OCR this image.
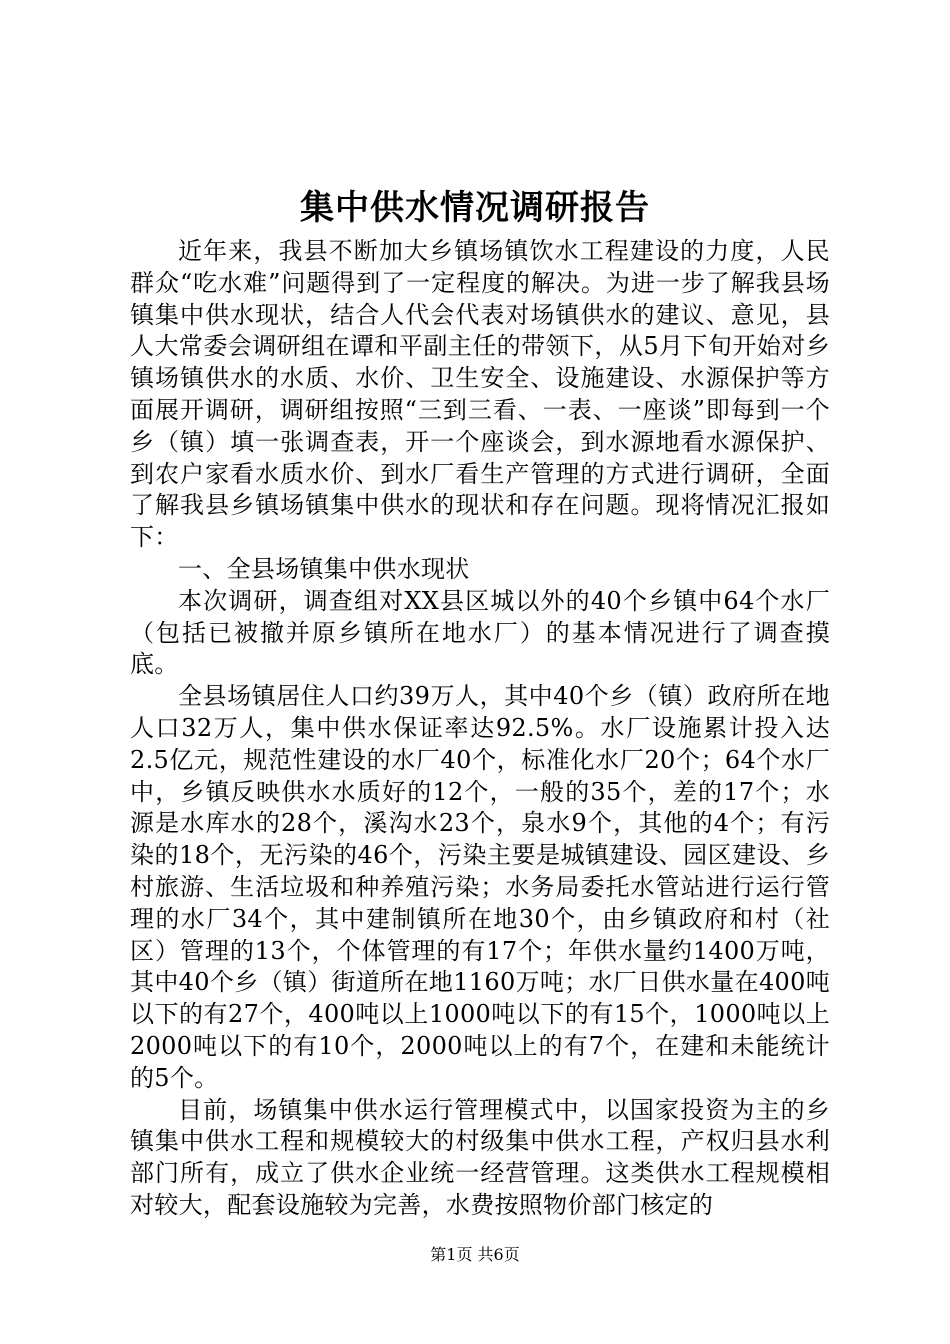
集中供水情况调研报告

近年来，我县不断加大乡镇场镇饮水工程建设的力度，人民群众“吃水难”问题得到了一定程度的解决。为进一步了解我县场镇集中供水现状，结合人代会代表对场镇供水的建议、意见，县人大常委会调研组在谭和平副主任的带领下，从5月下旬开始对乡镇场镇供水的水质、水价、卫生安全、设施建设、水源保护等方面展开调研，调研组按照“三到三看、一表、一座谈”即每到一个乡（镇）填一张调查表，开一个座谈会，到水源地看水源保护、到农户家看水质水价、到水厂看生产管理的方式进行调研，全面了解我县乡镇场镇集中供水的现状和存在问题。现将情况汇报如下：

一、全县场镇集中供水现状

本次调研，调查组对XX县区城以外的40个乡镇中64个水厂（包括已被撤并原乡镇所在地水厂）的基本情况进行了调查摸底。

全县场镇居住人口约39万人，其中40个乡（镇）政府所在地人口32万人，集中供水保证率达92.5%。水厂设施累计投入达2.5亿元，规范性建设的水厂40个，标准化水厂20个；64个水厂中，乡镇反映供水水质好的12个，一般的35个，差的17个；水源是水库水的28个，溪沟水23个，泉水9个，其他的4个；有污染的18个，无污染的46个，污染主要是城镇建设、园区建设、乡村旅游、生活垃圾和种养殖污染；水务局委托水管站进行运行管理的水厂34个，其中建制镇所在地30个，由乡镇政府和村（社区）管理的13个，个体管理的有17个；年供水量约1400万吨，其中40个乡（镇）街道所在地1160万吨；水厂日供水量在400吨以下的有27个，400吨以上1000吨以下的有15个，1000吨以上2000吨以下的有10个，2000吨以上的有7个，在建和未能统计的5个。

目前，场镇集中供水运行管理模式中，以国家投资为主的乡镇集中供水工程和规模较大的村级集中供水工程，产权归县水利部门所有，成立了供水企业统一经营管理。这类供水工程规模相对较大，配套设施较为完善，水费按照物价部门核定的

第1页 共6页
